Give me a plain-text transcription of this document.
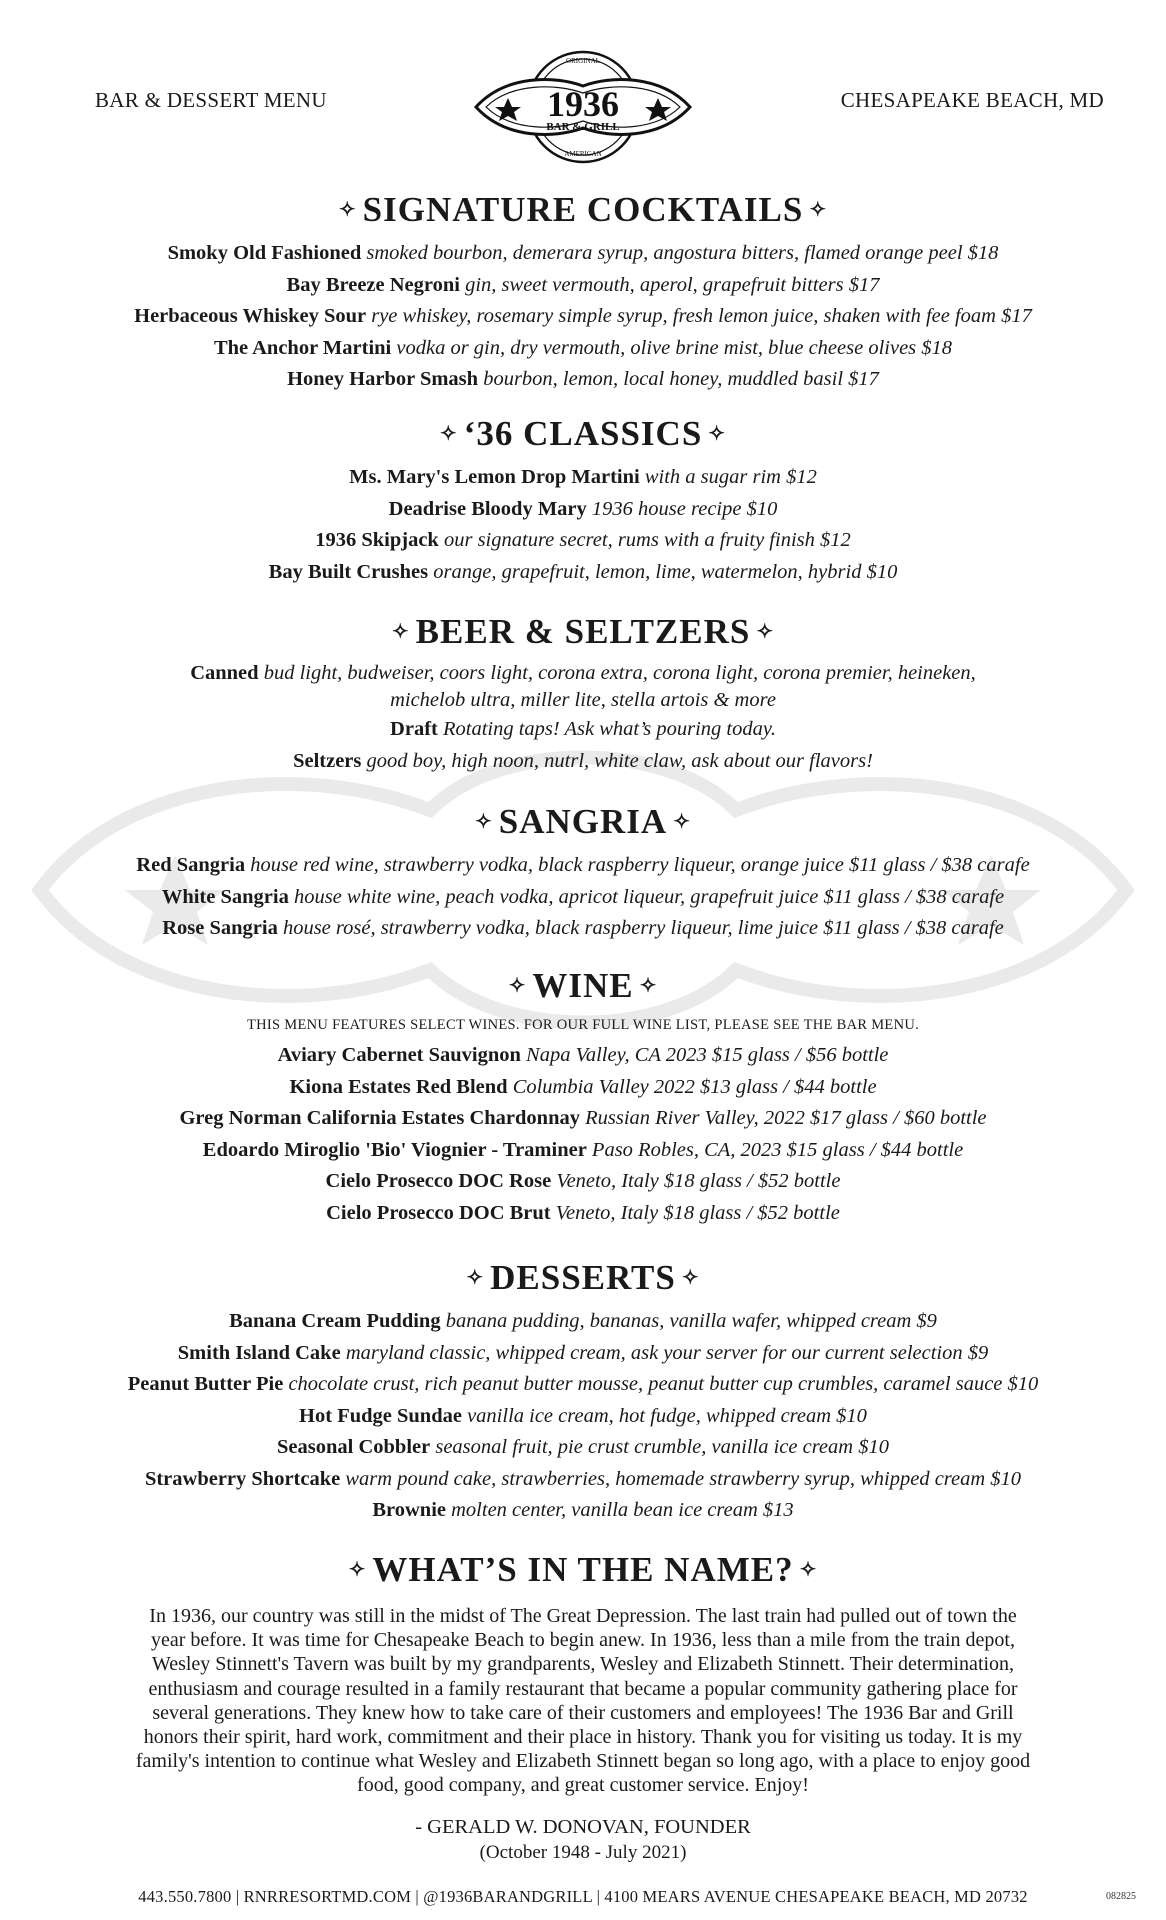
BAR & DESSERT MENU
ORIGINAL
1936
BAR & GRILL
AMERICAN
CHESAPEAKE BEACH, MD
✧ SIGNATURE COCKTAILS ✧
Smoky Old Fashioned smoked bourbon, demerara syrup, angostura bitters, flamed orange peel $18
Bay Breeze Negroni gin, sweet vermouth, aperol, grapefruit bitters $17
Herbaceous Whiskey Sour rye whiskey, rosemary simple syrup, fresh lemon juice, shaken with fee foam $17
The Anchor Martini vodka or gin, dry vermouth, olive brine mist, blue cheese olives $18
Honey Harbor Smash bourbon, lemon, local honey, muddled basil $17
✧ ‘36 CLASSICS ✧
Ms. Mary's Lemon Drop Martini with a sugar rim $12
Deadrise Bloody Mary 1936 house recipe $10
1936 Skipjack our signature secret, rums with a fruity finish $12
Bay Built Crushes orange, grapefruit, lemon, lime, watermelon, hybrid $10
✧ BEER & SELTZERS ✧
Canned bud light, budweiser, coors light, corona extra, corona light, corona premier, heineken,
michelob ultra, miller lite, stella artois & more
Draft Rotating taps! Ask what’s pouring today.
Seltzers good boy, high noon, nutrl, white claw, ask about our flavors!
✧ SANGRIA ✧
Red Sangria house red wine, strawberry vodka, black raspberry liqueur, orange juice $11 glass / $38 carafe
White Sangria house white wine, peach vodka, apricot liqueur, grapefruit juice $11 glass / $38 carafe
Rose Sangria house rosé, strawberry vodka, black raspberry liqueur, lime juice $11 glass / $38 carafe
✧ WINE ✧
THIS MENU FEATURES SELECT WINES. FOR OUR FULL WINE LIST, PLEASE SEE THE BAR MENU.
Aviary Cabernet Sauvignon Napa Valley, CA 2023 $15 glass / $56 bottle
Kiona Estates Red Blend Columbia Valley 2022 $13 glass / $44 bottle
Greg Norman California Estates Chardonnay Russian River Valley, 2022 $17 glass / $60 bottle
Edoardo Miroglio 'Bio' Viognier - Traminer Paso Robles, CA, 2023 $15 glass / $44 bottle
Cielo Prosecco DOC Rose Veneto, Italy $18 glass / $52 bottle
Cielo Prosecco DOC Brut Veneto, Italy $18 glass / $52 bottle
✧ DESSERTS ✧
Banana Cream Pudding banana pudding, bananas, vanilla wafer, whipped cream $9
Smith Island Cake maryland classic, whipped cream, ask your server for our current selection $9
Peanut Butter Pie chocolate crust, rich peanut butter mousse, peanut butter cup crumbles, caramel sauce $10
Hot Fudge Sundae vanilla ice cream, hot fudge, whipped cream $10
Seasonal Cobbler seasonal fruit, pie crust crumble, vanilla ice cream $10
Strawberry Shortcake warm pound cake, strawberries, homemade strawberry syrup, whipped cream $10
Brownie molten center, vanilla bean ice cream $13
✧ WHAT’S IN THE NAME? ✧
In 1936, our country was still in the midst of The Great Depression. The last train had pulled out of town the
year before. It was time for Chesapeake Beach to begin anew. In 1936, less than a mile from the train depot,
Wesley Stinnett's Tavern was built by my grandparents, Wesley and Elizabeth Stinnett. Their determination,
enthusiasm and courage resulted in a family restaurant that became a popular community gathering place for
several generations. They knew how to take care of their customers and employees! The 1936 Bar and Grill
honors their spirit, hard work, commitment and their place in history. Thank you for visiting us today. It is my
family's intention to continue what Wesley and Elizabeth Stinnett began so long ago, with a place to enjoy good
food, good company, and great customer service. Enjoy!
- GERALD W. DONOVAN, FOUNDER
(October 1948 - July 2021)
443.550.7800 | RNRRESORTMD.COM | @1936BARANDGRILL | 4100 MEARS AVENUE CHESAPEAKE BEACH, MD 20732	082825
